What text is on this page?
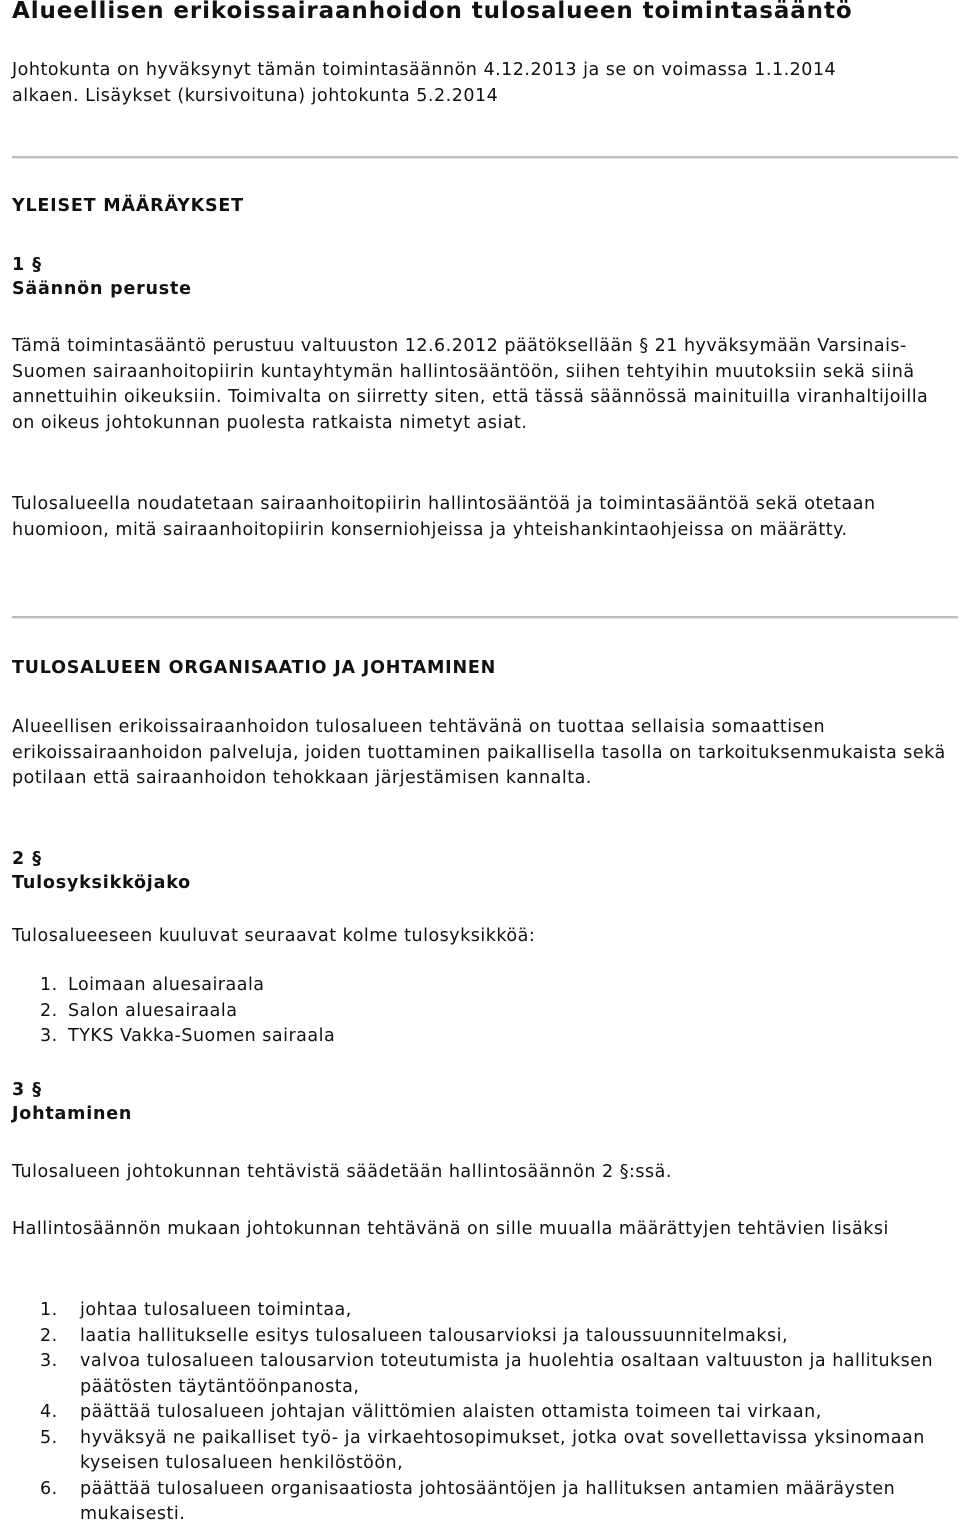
Alueellisen erikoissairaanhoidon tulosalueen toimintasääntö
Johtokunta on hyväksynyt tämän toimintasäännön 4.12.2013 ja se on voimassa 1.1.2014
alkaen. Lisäykset (kursivoituna) johtokunta 5.2.2014
YLEISET MÄÄRÄYKSET
1 §
Säännön peruste
Tämä toimintasääntö perustuu valtuuston 12.6.2012 päätöksellään § 21 hyväksymään Varsinais-Suomen sairaanhoitopiirin kuntayhtymän hallintosääntöön, siihen tehtyihin muutoksiin sekä siinä annettuihin oikeuksiin. Toimivalta on siirretty siten, että tässä säännössä mainituilla viranhaltijoilla on oikeus johtokunnan puolesta ratkaista nimetyt asiat.
Tulosalueella noudatetaan sairaanhoitopiirin hallintosääntöä ja toimintasääntöä sekä otetaan huomioon, mitä sairaanhoitopiirin konserniohjeissa ja yhteishankintaohjeissa on määrätty.
TULOSALUEEN ORGANISAATIO JA JOHTAMINEN
Alueellisen erikoissairaanhoidon tulosalueen tehtävänä on tuottaa sellaisia somaattisen erikoissairaanhoidon palveluja, joiden tuottaminen paikallisella tasolla on tarkoituksenmukaista sekä potilaan että sairaanhoidon tehokkaan järjestämisen kannalta.
2 §
Tulosyksikköjako
Tulosalueeseen kuuluvat seuraavat kolme tulosyksikköä:
1. Loimaan aluesairaala
2. Salon aluesairaala
3. TYKS Vakka-Suomen sairaala
3 §
Johtaminen
Tulosalueen johtokunnan tehtävistä säädetään hallintosäännön 2 §:ssä.
Hallintosäännön mukaan johtokunnan tehtävänä on sille muualla määrättyjen tehtävien lisäksi
1. johtaa tulosalueen toimintaa,
2. laatia hallitukselle esitys tulosalueen talousarvioksi ja taloussuunnitelmaksi,
3. valvoa tulosalueen talousarvion toteutumista ja huolehtia osaltaan valtuuston ja hallituksen päätösten täytäntöönpanosta,
4. päättää tulosalueen johtajan välittömien alaisten ottamista toimeen tai virkaan,
5. hyväksyä ne paikalliset työ- ja virkaehtosopimukset, jotka ovat sovellettavissa yksinomaan kyseisen tulosalueen henkilöstöön,
6. päättää tulosalueen organisaatiosta johtosääntöjen ja hallituksen antamien määräysten mukaisesti.
